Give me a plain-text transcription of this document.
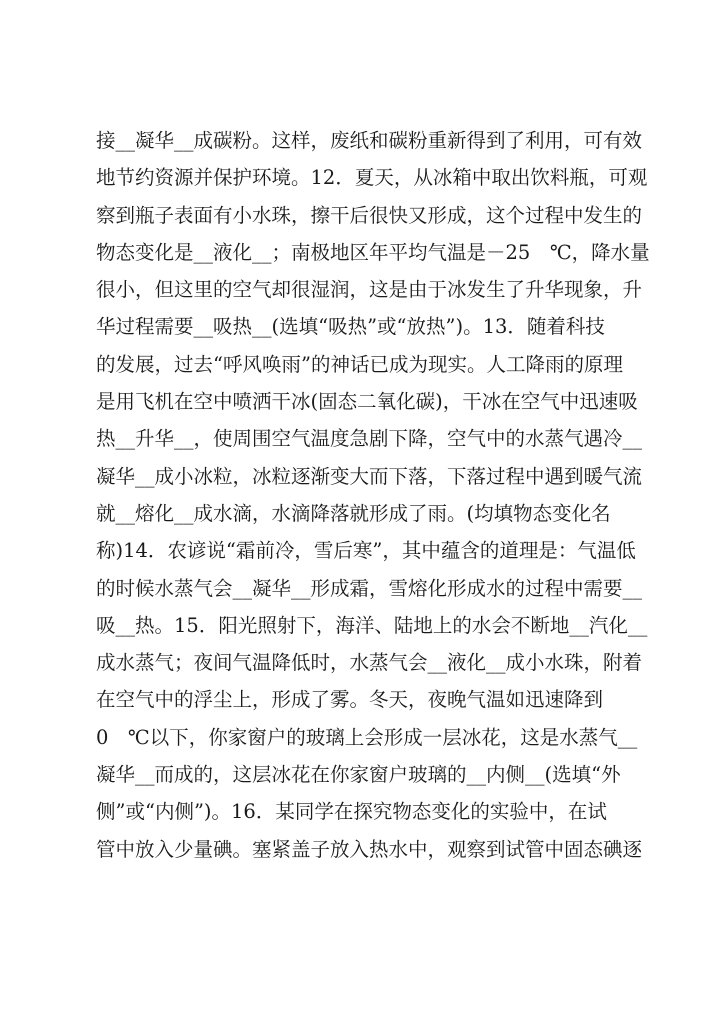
接__凝华__成碳粉。这样，废纸和碳粉重新得到了利用，可有效
地节约资源并保护环境。12．夏天，从冰箱中取出饮料瓶，可观
察到瓶子表面有小水珠，擦干后很快又形成，这个过程中发生的
物态变化是__液化__；南极地区年平均气温是－25　℃，降水量
很小，但这里的空气却很湿润，这是由于冰发生了升华现象，升
华过程需要__吸热__(选填“吸热”或“放热”)。13．随着科技
的发展，过去“呼风唤雨”的神话已成为现实。人工降雨的原理
是用飞机在空中喷洒干冰(固态二氧化碳)，干冰在空气中迅速吸
热__升华__，使周围空气温度急剧下降，空气中的水蒸气遇冷__
凝华__成小冰粒，冰粒逐渐变大而下落，下落过程中遇到暖气流
就__熔化__成水滴，水滴降落就形成了雨。(均填物态变化名
称)14．农谚说“霜前冷，雪后寒”，其中蕴含的道理是：气温低
的时候水蒸气会__凝华__形成霜，雪熔化形成水的过程中需要__
吸__热。15．阳光照射下，海洋、陆地上的水会不断地__汽化__
成水蒸气；夜间气温降低时，水蒸气会__液化__成小水珠，附着
在空气中的浮尘上，形成了雾。冬天，夜晚气温如迅速降到
0　℃以下，你家窗户的玻璃上会形成一层冰花，这是水蒸气__
凝华__而成的，这层冰花在你家窗户玻璃的__内侧__(选填“外
侧”或“内侧”)。16．某同学在探究物态变化的实验中，在试
管中放入少量碘。塞紧盖子放入热水中，观察到试管中固态碘逐
